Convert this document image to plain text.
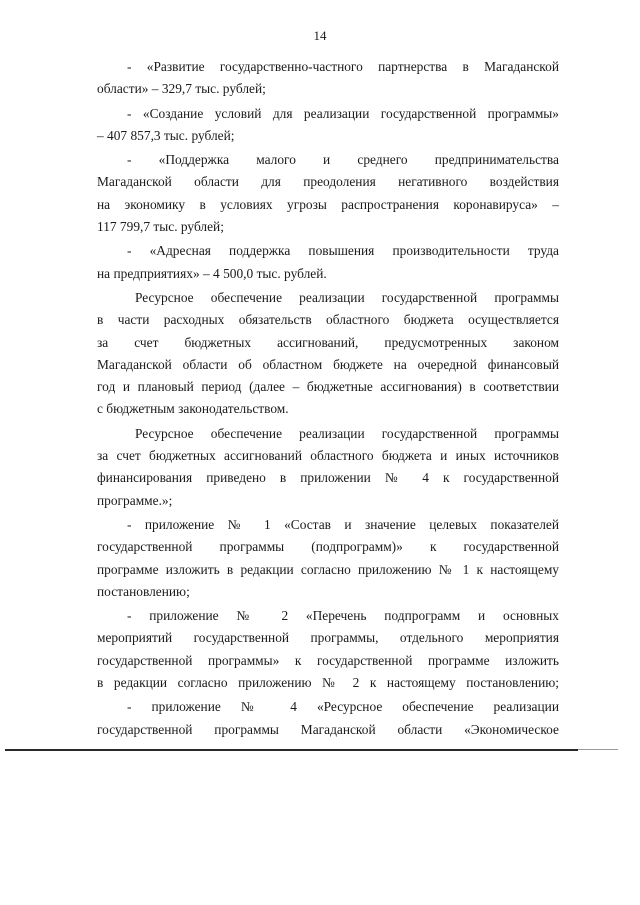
14
- «Развитие государственно-частного партнерства в Магаданской
области» – 329,7 тыс. рублей;
- «Создание условий для реализации государственной программы»
– 407 857,3 тыс. рублей;
- «Поддержка малого и среднего предпринимательства
Магаданской области для преодоления негативного воздействия
на экономику в условиях угрозы распространения коронавируса» –
117 799,7 тыс. рублей;
- «Адресная поддержка повышения производительности труда
на предприятиях» – 4 500,0 тыс. рублей.
Ресурсное обеспечение реализации государственной программы
в части расходных обязательств областного бюджета осуществляется
за счет бюджетных ассигнований, предусмотренных законом
Магаданской области об областном бюджете на очередной финансовый
год и плановый период (далее – бюджетные ассигнования) в соответствии
с бюджетным законодательством.
Ресурсное обеспечение реализации государственной программы
за счет бюджетных ассигнований областного бюджета и иных источников
финансирования приведено в приложении № 4 к государственной
программе.»;
- приложение № 1 «Состав и значение целевых показателей
государственной программы (подпрограмм)» к государственной
программе изложить в редакции согласно приложению № 1 к настоящему
постановлению;
- приложение № 2 «Перечень подпрограмм и основных
мероприятий государственной программы, отдельного мероприятия
государственной программы» к государственной программе изложить
в редакции согласно приложению № 2 к настоящему постановлению;
- приложение № 4 «Ресурсное обеспечение реализации
государственной программы Магаданской области «Экономическое
